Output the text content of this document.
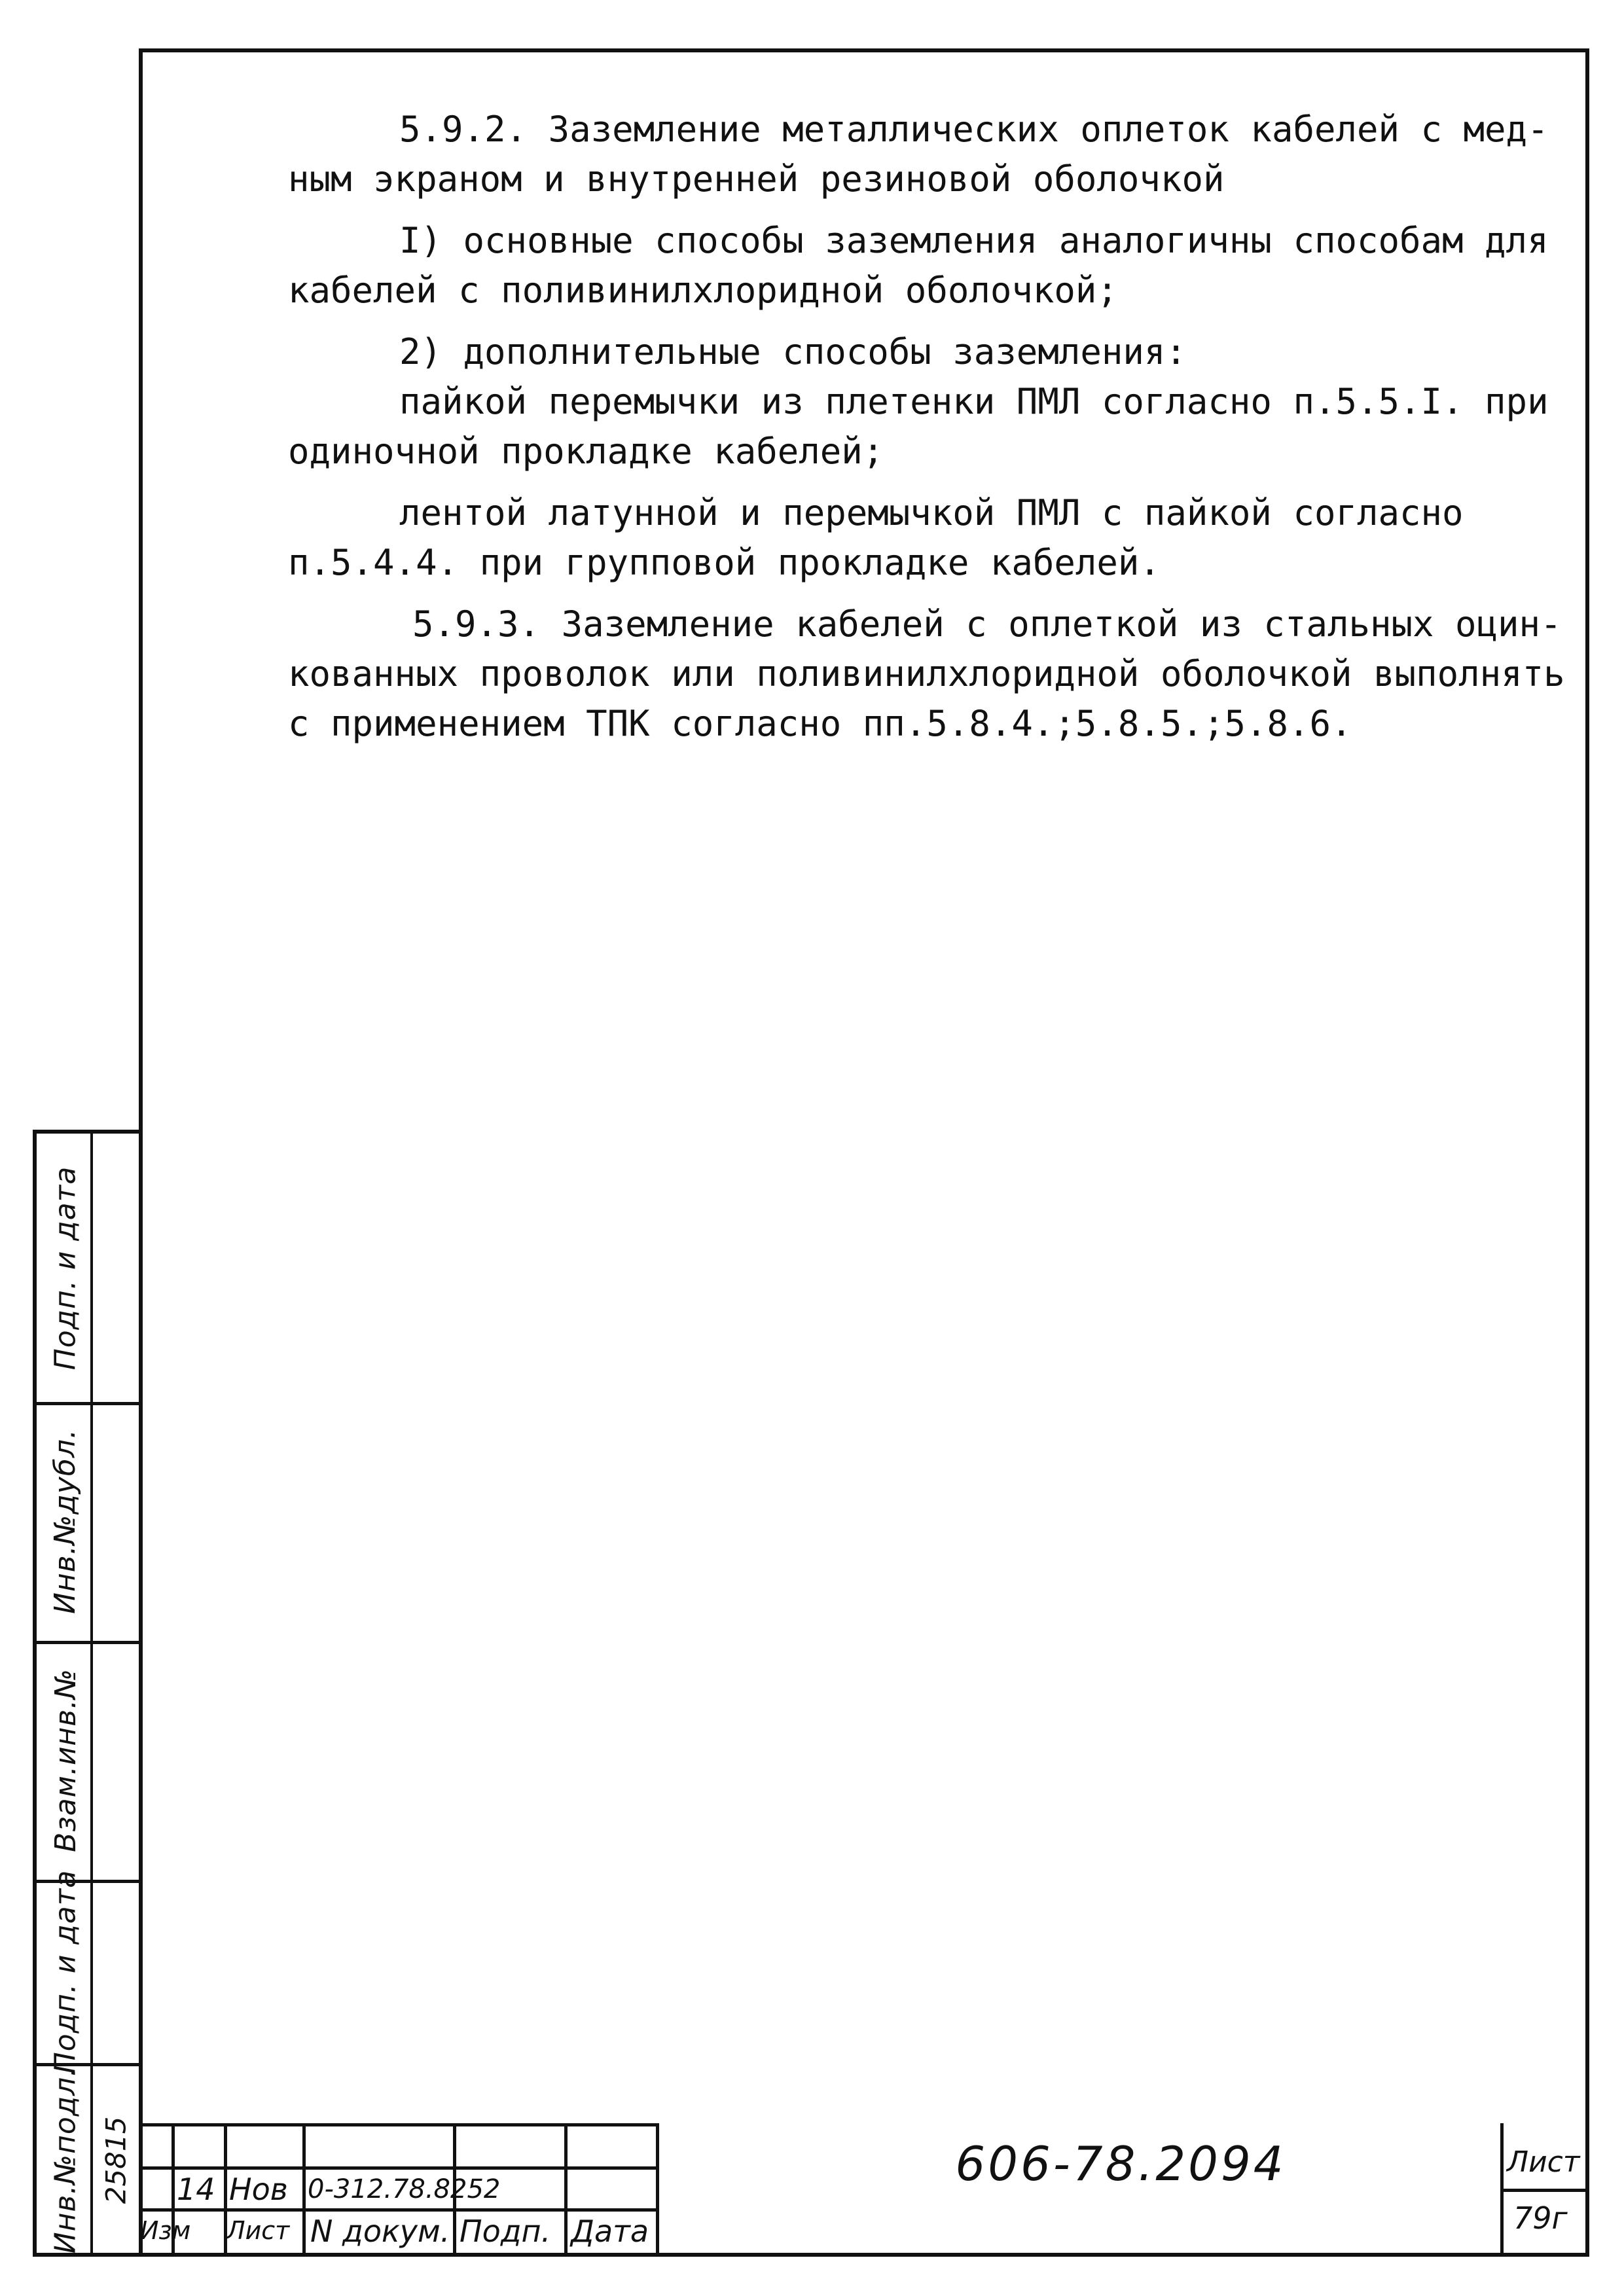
5.9.2. Заземление металлических оплеток кабелей с мед-
ным экраном и внутренней резиновой оболочкой

I) основные способы заземления аналогичны способам для
кабелей с поливинилхлоридной оболочкой;

2) дополнительные способы заземления:

пайкой перемычки из плетенки ПМЛ согласно п.5.5.I. при
одиночной прокладке кабелей;

лентой латунной и перемычкой ПМЛ с пайкой согласно
п.5.4.4. при групповой прокладке кабелей.

5.9.3. Заземление кабелей с оплеткой из стальных оцин-
кованных проволок или поливинилхлоридной оболочкой выполнять
с применением ТПК согласно пп.5.8.4.;5.8.5.;5.8.6.

Подп. и дата
Инв.№дубл.
Взам.инв.№
Подп. и дата
Инв.№подл. 25815 14 Нов 0-312.78.8252
Изм Лист N докум. Подп. Дата
606-78.2094	Лист
79г
